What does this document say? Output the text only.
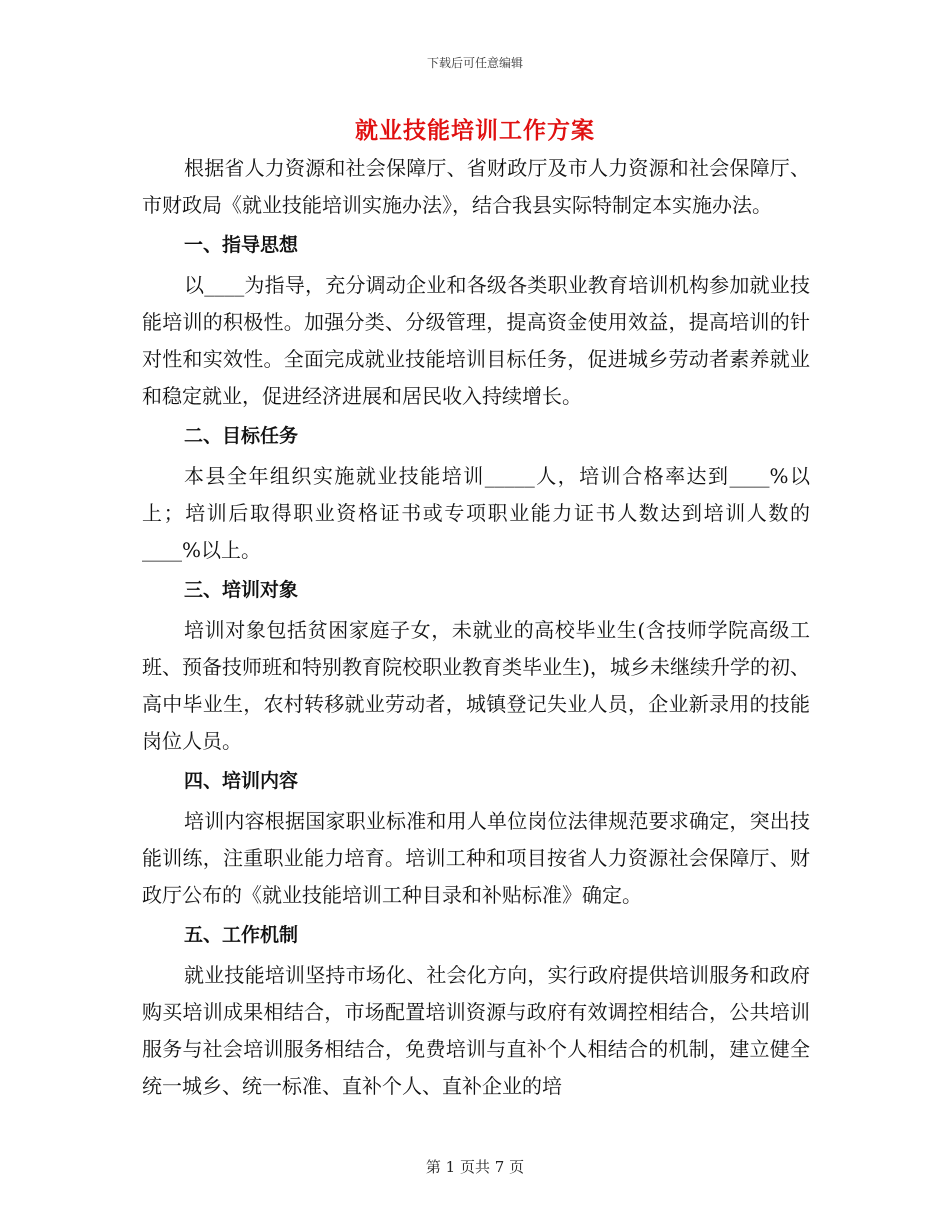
下载后可任意编辑
就业技能培训工作方案

根据省人力资源和社会保障厅、省财政厅及市人力资源和社会保障厅、市财政局《就业技能培训实施办法》，结合我县实际特制定本实施办法。

一、指导思想

以____为指导，充分调动企业和各级各类职业教育培训机构参加就业技能培训的积极性。加强分类、分级管理，提高资金使用效益，提高培训的针对性和实效性。全面完成就业技能培训目标任务，促进城乡劳动者素养就业和稳定就业，促进经济进展和居民收入持续增长。

二、目标任务

本县全年组织实施就业技能培训_____人，培训合格率达到____%以上；培训后取得职业资格证书或专项职业能力证书人数达到培训人数的____%以上。

三、培训对象

培训对象包括贫困家庭子女，未就业的高校毕业生(含技师学院高级工班、预备技师班和特别教育院校职业教育类毕业生)，城乡未继续升学的初、高中毕业生，农村转移就业劳动者，城镇登记失业人员，企业新录用的技能岗位人员。

四、培训内容

培训内容根据国家职业标准和用人单位岗位法律规范要求确定，突出技能训练，注重职业能力培育。培训工种和项目按省人力资源社会保障厅、财政厅公布的《就业技能培训工种目录和补贴标准》确定。

五、工作机制

就业技能培训坚持市场化、社会化方向，实行政府提供培训服务和政府购买培训成果相结合，市场配置培训资源与政府有效调控相结合，公共培训服务与社会培训服务相结合，免费培训与直补个人相结合的机制，建立健全统一城乡、统一标准、直补个人、直补企业的培

第 1 页共 7 页
